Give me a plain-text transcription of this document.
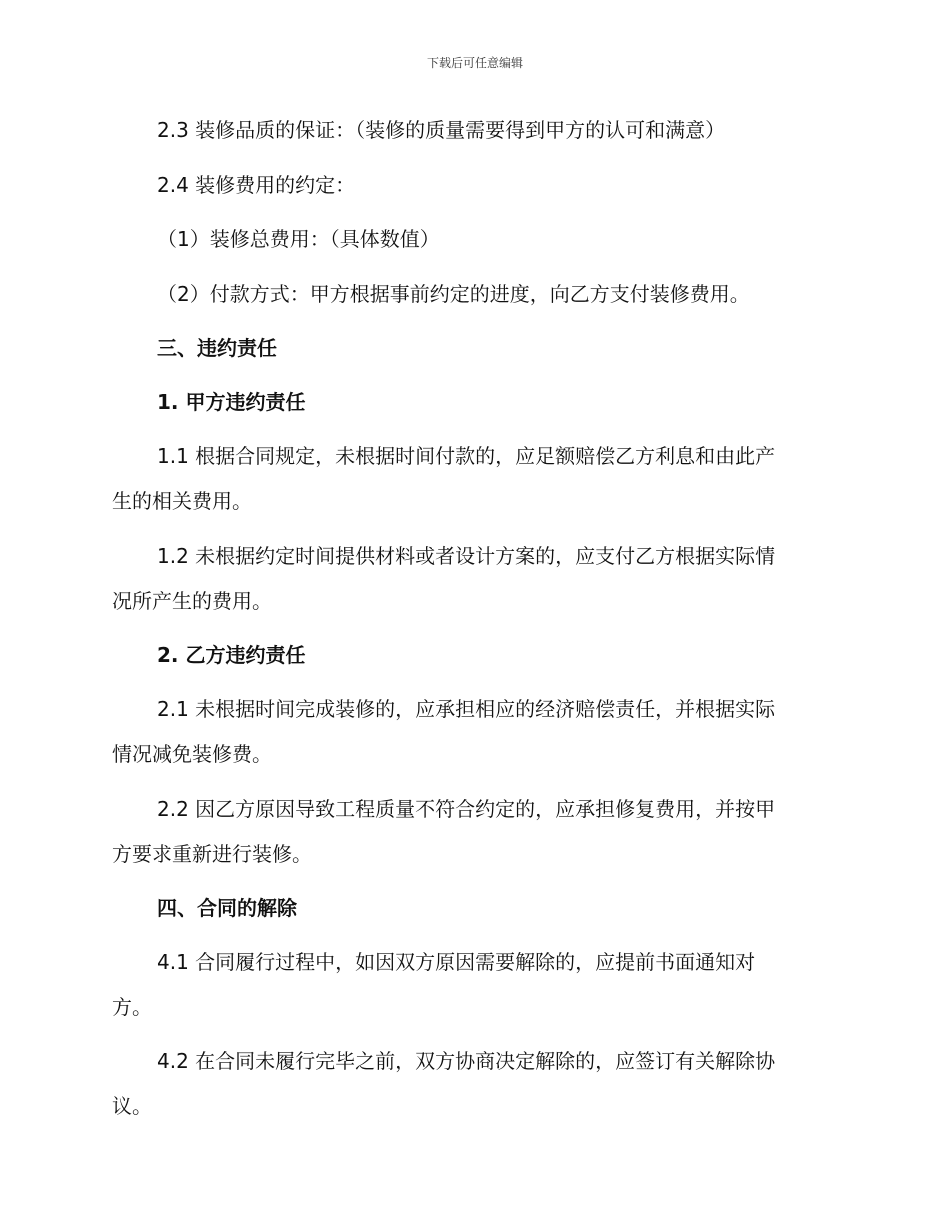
下载后可任意编辑
2.3 装修品质的保证：（装修的质量需要得到甲方的认可和满意）
2.4 装修费用的约定：
（1）装修总费用：（具体数值）
（2）付款方式：甲方根据事前约定的进度，向乙方支付装修费用。
三、违约责任
1. 甲方违约责任
1.1 根据合同规定，未根据时间付款的，应足额赔偿乙方利息和由此产
生的相关费用。
1.2 未根据约定时间提供材料或者设计方案的，应支付乙方根据实际情
况所产生的费用。
2. 乙方违约责任
2.1 未根据时间完成装修的，应承担相应的经济赔偿责任，并根据实际
情况减免装修费。
2.2 因乙方原因导致工程质量不符合约定的，应承担修复费用，并按甲
方要求重新进行装修。
四、合同的解除
4.1 合同履行过程中，如因双方原因需要解除的，应提前书面通知对
方。
4.2 在合同未履行完毕之前，双方协商决定解除的，应签订有关解除协
议。
